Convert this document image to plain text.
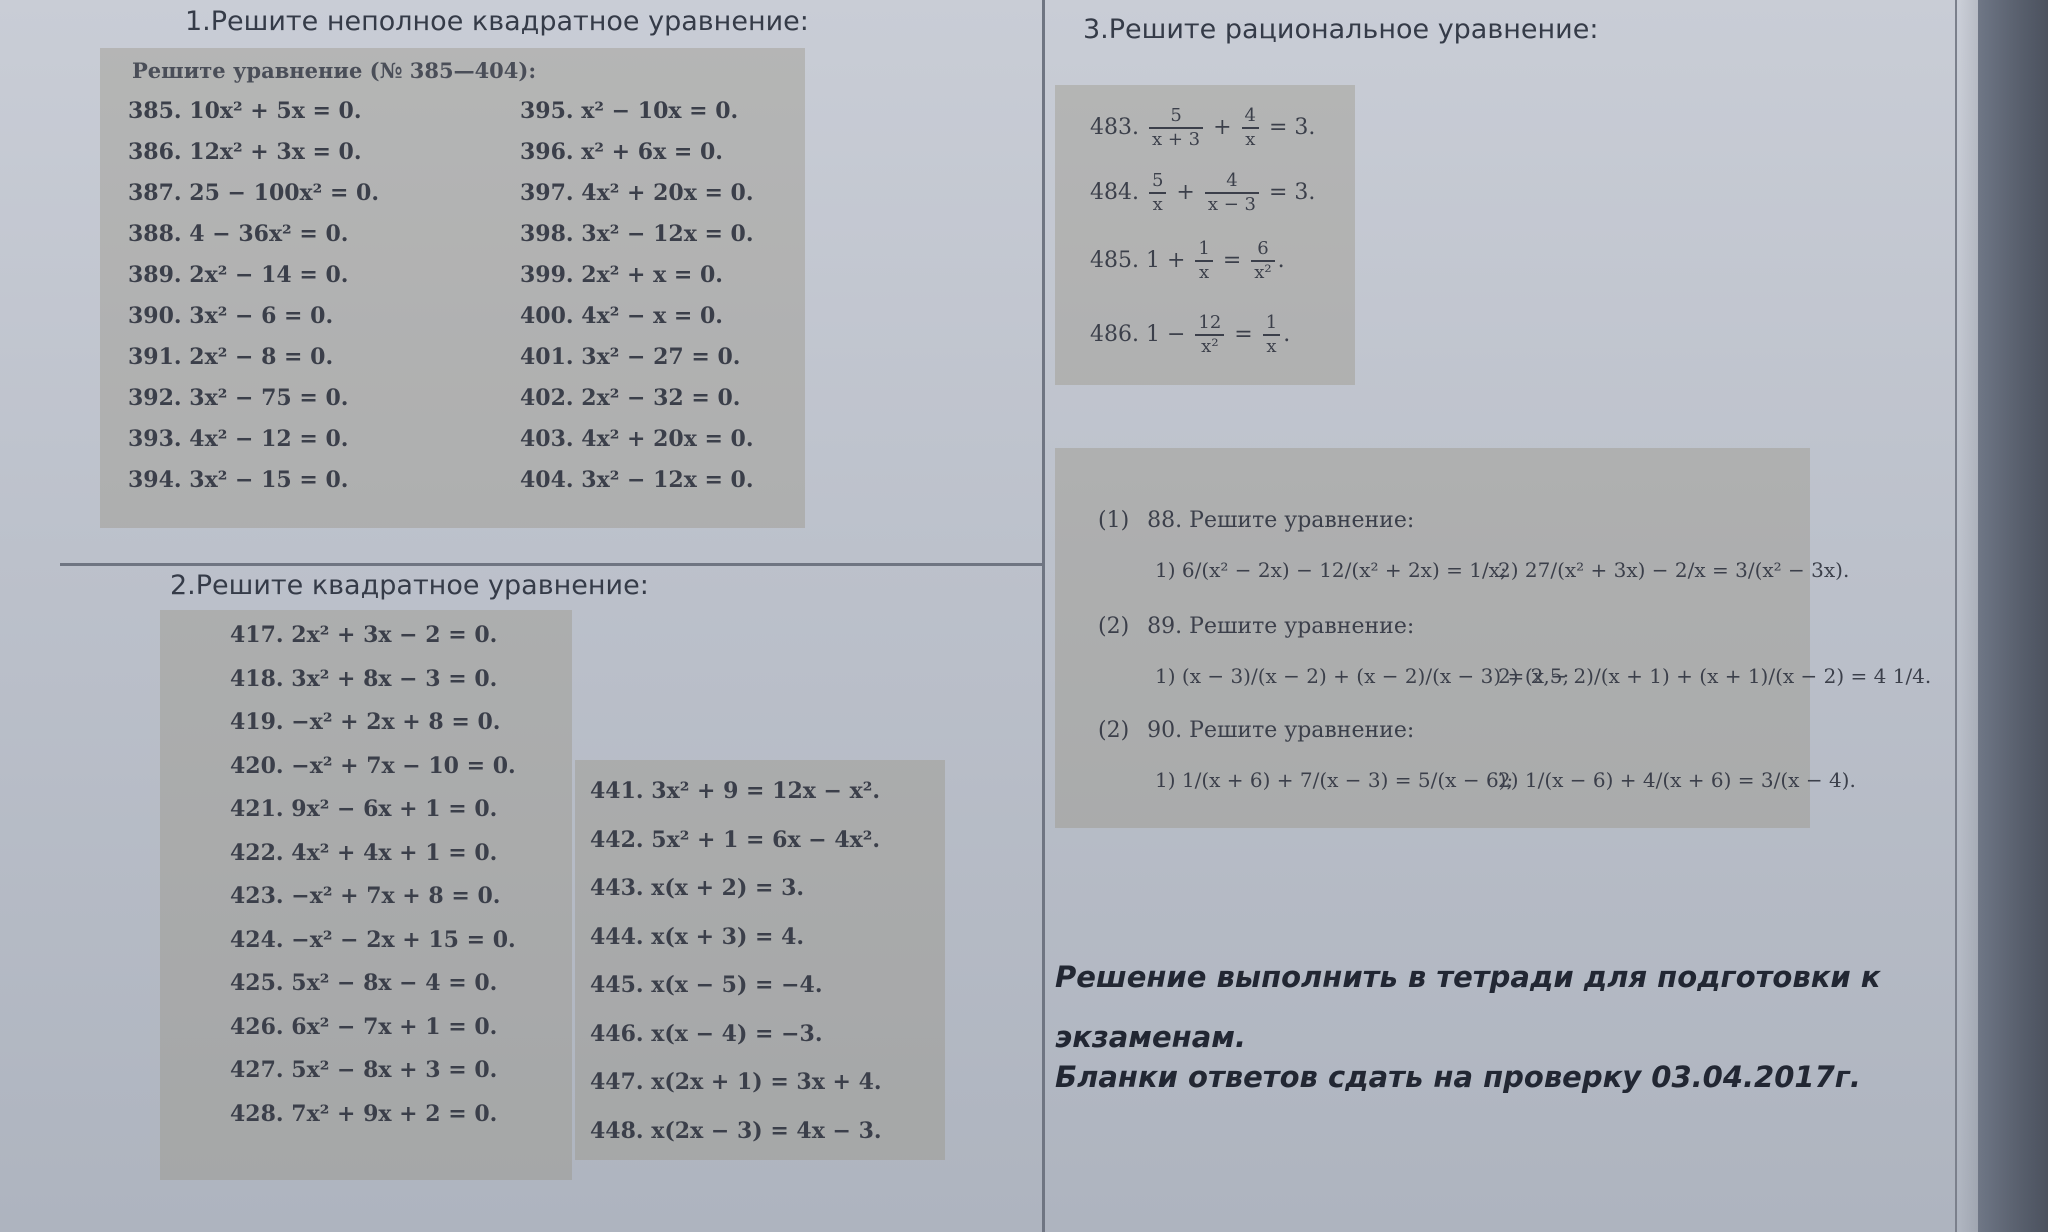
1.Решите неполное квадратное уравнение:
Решите уравнение (№ 385—404):
385. 10x² + 5x = 0.
386. 12x² + 3x = 0.
387. 25 − 100x² = 0.
388. 4 − 36x² = 0.
389. 2x² − 14 = 0.
390. 3x² − 6 = 0.
391. 2x² − 8 = 0.
392. 3x² − 75 = 0.
393. 4x² − 12 = 0.
394. 3x² − 15 = 0.
395. x² − 10x = 0.
396. x² + 6x = 0.
397. 4x² + 20x = 0.
398. 3x² − 12x = 0.
399. 2x² + x = 0.
400. 4x² − x = 0.
401. 3x² − 27 = 0.
402. 2x² − 32 = 0.
403. 4x² + 20x = 0.
404. 3x² − 12x = 0.
2.Решите квадратное уравнение:
417. 2x² + 3x − 2 = 0.
418. 3x² + 8x − 3 = 0.
419. −x² + 2x + 8 = 0.
420. −x² + 7x − 10 = 0.
421. 9x² − 6x + 1 = 0.
422. 4x² + 4x + 1 = 0.
423. −x² + 7x + 8 = 0.
424. −x² − 2x + 15 = 0.
425. 5x² − 8x − 4 = 0.
426. 6x² − 7x + 1 = 0.
427. 5x² − 8x + 3 = 0.
428. 7x² + 9x + 2 = 0.
441. 3x² + 9 = 12x − x².
442. 5x² + 1 = 6x − 4x².
443. x(x + 2) = 3.
444. x(x + 3) = 4.
445. x(x − 5) = −4.
446. x(x − 4) = −3.
447. x(2x + 1) = 3x + 4.
448. x(2x − 3) = 4x − 3.
3.Решите рациональное уравнение:
483. $\frac{5}{x + 3} + \frac{4}{x} = 3$.
484. $\frac{5}{x} + \frac{4}{x - 3} = 3$.
485. $1 + \frac{1}{x} = \frac{6}{\text{x²}}$ .
486. $1 - \frac{12}{\text{x²}} = \frac{1}{x}$ .
(1) 88. Решите уравнение:
1) 6/(x² − 2x) − 12/(x² + 2x) = 1/x;
2) 27/(x² + 3x) − 2/x = 3/(x² − 3x).
(2) 89. Решите уравнение:
1) (x − 3)/(x − 2) + (x − 2)/(x − 3) = 2,5;
2) (x − 2)/(x + 1) + (x + 1)/(x − 2) = 4 1/4.
(2) 90. Решите уравнение:
1) 1/(x + 6) + 7/(x − 3) = 5/(x − 6);
2) 1/(x − 6) + 4/(x + 6) = 3/(x − 4).
Решение выполнить в тетради для подготовки к
экзаменам.
Бланки ответов сдать на проверку 03.04.2017г.
